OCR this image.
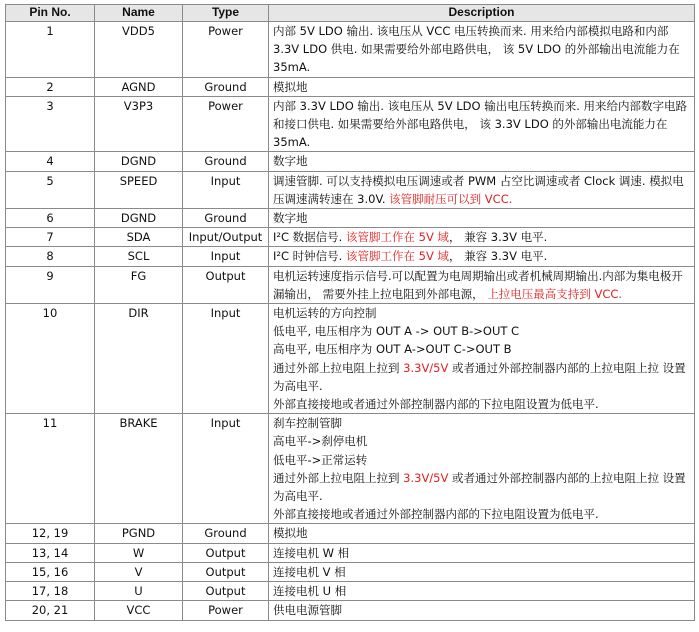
Pin No.	Name	Type	Description
1	VDD5	Power	内部 5V LDO 输出. 该电压从 VCC 电压转换而来. 用来给内部模拟电路和内部 3.3V LDO 供电. 如果需要给外部电路供电， 该 5V LDO 的外部输出电流能力在 35mA.

2	AGND	Ground	模拟地

3	V3P3	Power	内部 3.3V LDO 输出. 该电压从 5V LDO 输出电压转换而来. 用来给内部数字电路和接口供电. 如果需要给外部电路供电， 该 3.3V LDO 的外部输出电流能力在 35mA.

4	DGND	Ground	数字地

5	SPEED	Input	调速管脚. 可以支持模拟电压调速或者 PWM 占空比调速或者 Clock 调速. 模拟电压调速满转速在 3.0V. 该管脚耐压可以到 VCC.

6	DGND	Ground	数字地

7	SDA	Input/Output	I²C 数据信号. 该管脚工作在 5V 域， 兼容 3.3V 电平.

8	SCL	Input	I²C 时钟信号. 该管脚工作在 5V 域， 兼容 3.3V 电平.

9	FG	Output	电机运转速度指示信号.可以配置为电周期输出或者机械周期输出.内部为集电极开漏输出， 需要外挂上拉电阻到外部电源， 上拉电压最高支持到 VCC.

10	DIR	Input	电机运转的方向控制
低电平, 电压相序为 OUT A -> OUT B->OUT C
高电平, 电压相序为 OUT A->OUT C->OUT B
通过外部上拉电阻上拉到 3.3V/5V 或者通过外部控制器内部的上拉电阻上拉 设置为高电平.
外部直接接地或者通过外部控制器内部的下拉电阻设置为低电平.

11	BRAKE	Input	刹车控制管脚
高电平->刹停电机
低电平->正常运转
通过外部上拉电阻上拉到 3.3V/5V 或者通过外部控制器内部的上拉电阻上拉 设置为高电平.
外部直接接地或者通过外部控制器内部的下拉电阻设置为低电平.

12, 19	PGND	Ground	模拟地

13, 14	W	Output	连接电机 W 相

15, 16	V	Output	连接电机 V 相

17, 18	U	Output	连接电机 U 相

20, 21	VCC	Power	供电电源管脚
